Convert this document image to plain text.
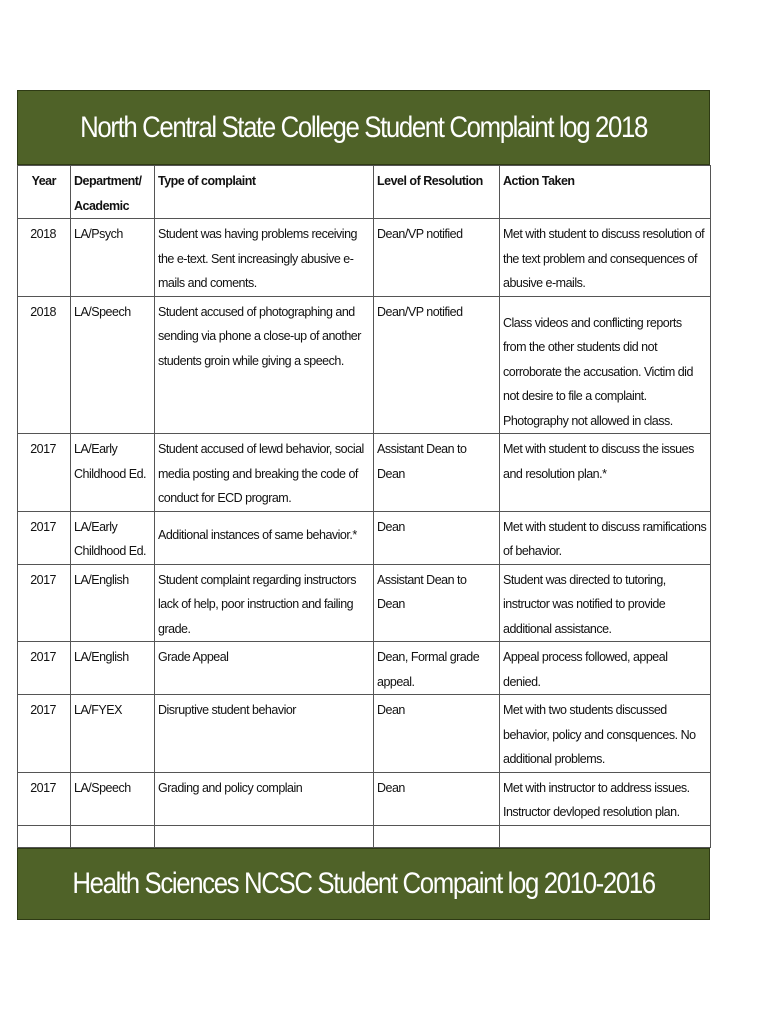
North Central State College Student Complaint log 2018
Year	Department/ Academic	Type of complaint	Level of Resolution	Action Taken
2018	LA/Psych	Student was having problems receiving the e-text. Sent increasingly abusive e-mails and coments.	Dean/VP notified	Met with student to discuss resolution of the text problem and consequences of abusive e-mails.
2018	LA/Speech	Student accused of photographing and sending via phone a close-up of another students groin while giving a speech.	Dean/VP notified	Class videos and conflicting reports from the other students did not corroborate the accusation. Victim did not desire to file a complaint. Photography not allowed in class.
2017	LA/Early Childhood Ed.	Student accused of lewd behavior, social media posting and breaking the code of conduct for ECD program.	Assistant Dean to Dean	Met with student to discuss the issues and resolution plan.*
2017	LA/Early Childhood Ed.	Additional instances of same behavior.*	Dean	Met with student to discuss ramifications of behavior.
2017	LA/English	Student complaint regarding instructors lack of help, poor instruction and failing grade.	Assistant Dean to Dean	Student was directed to tutoring, instructor was notified to provide additional assistance.
2017	LA/English	Grade Appeal	Dean, Formal grade appeal.	Appeal process followed, appeal denied.
2017	LA/FYEX	Disruptive student behavior	Dean	Met with two students discussed behavior, policy and consquences. No additional problems.
2017	LA/Speech	Grading and policy complain	Dean	Met with instructor to address issues. Instructor devloped resolution plan.

Health Sciences NCSC Student Compaint log 2010-2016
